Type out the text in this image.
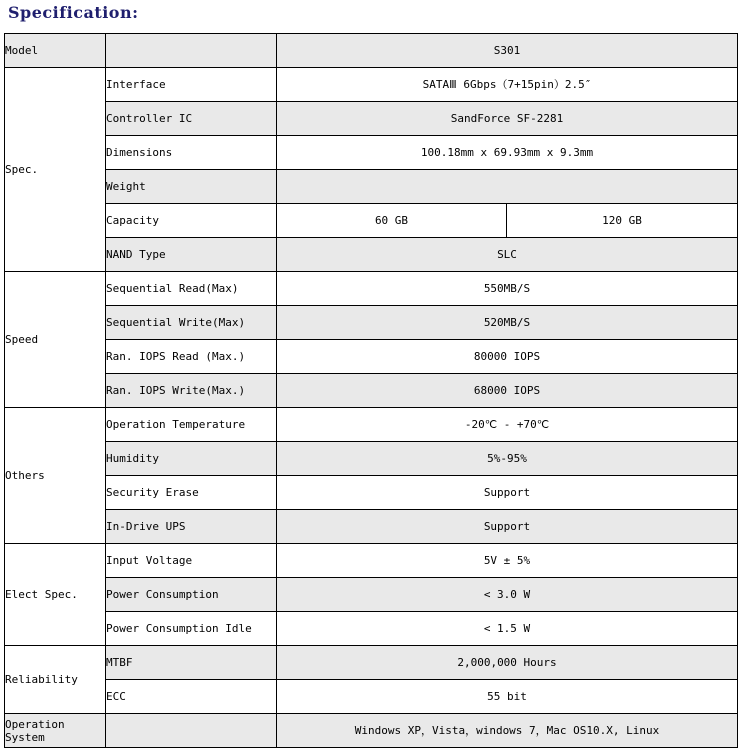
Specification:
Model		S301	
Spec.	Interface	SATAⅢ 6Gbps（7+15pin）2.5″	
	Controller IC	SandForce SF-2281	
	Dimensions	100.18mm x 69.93mm x 9.3mm	
	Weight		
	Capacity	60 GB	120 GB
	NAND Type	SLC	
Speed	Sequential Read(Max)	550MB/S	
	Sequential Write(Max)	520MB/S	
	Ran. IOPS Read (Max.)	80000 IOPS	
	Ran. IOPS Write(Max.)	68000 IOPS	
Others	Operation Temperature	-20℃ - +70℃	
	Humidity	5%-95%	
	Security Erase	Support	
	In-Drive UPS	Support	
Elect Spec.	Input Voltage	5V ± 5%	
	Power Consumption	< 3.0 W	
	Power Consumption Idle	< 1.5 W	
Reliability	MTBF	2,000,000 Hours	
	ECC	55 bit	
Operation System		Windows XP，Vista，windows 7，Mac OS10.X, Linux	
